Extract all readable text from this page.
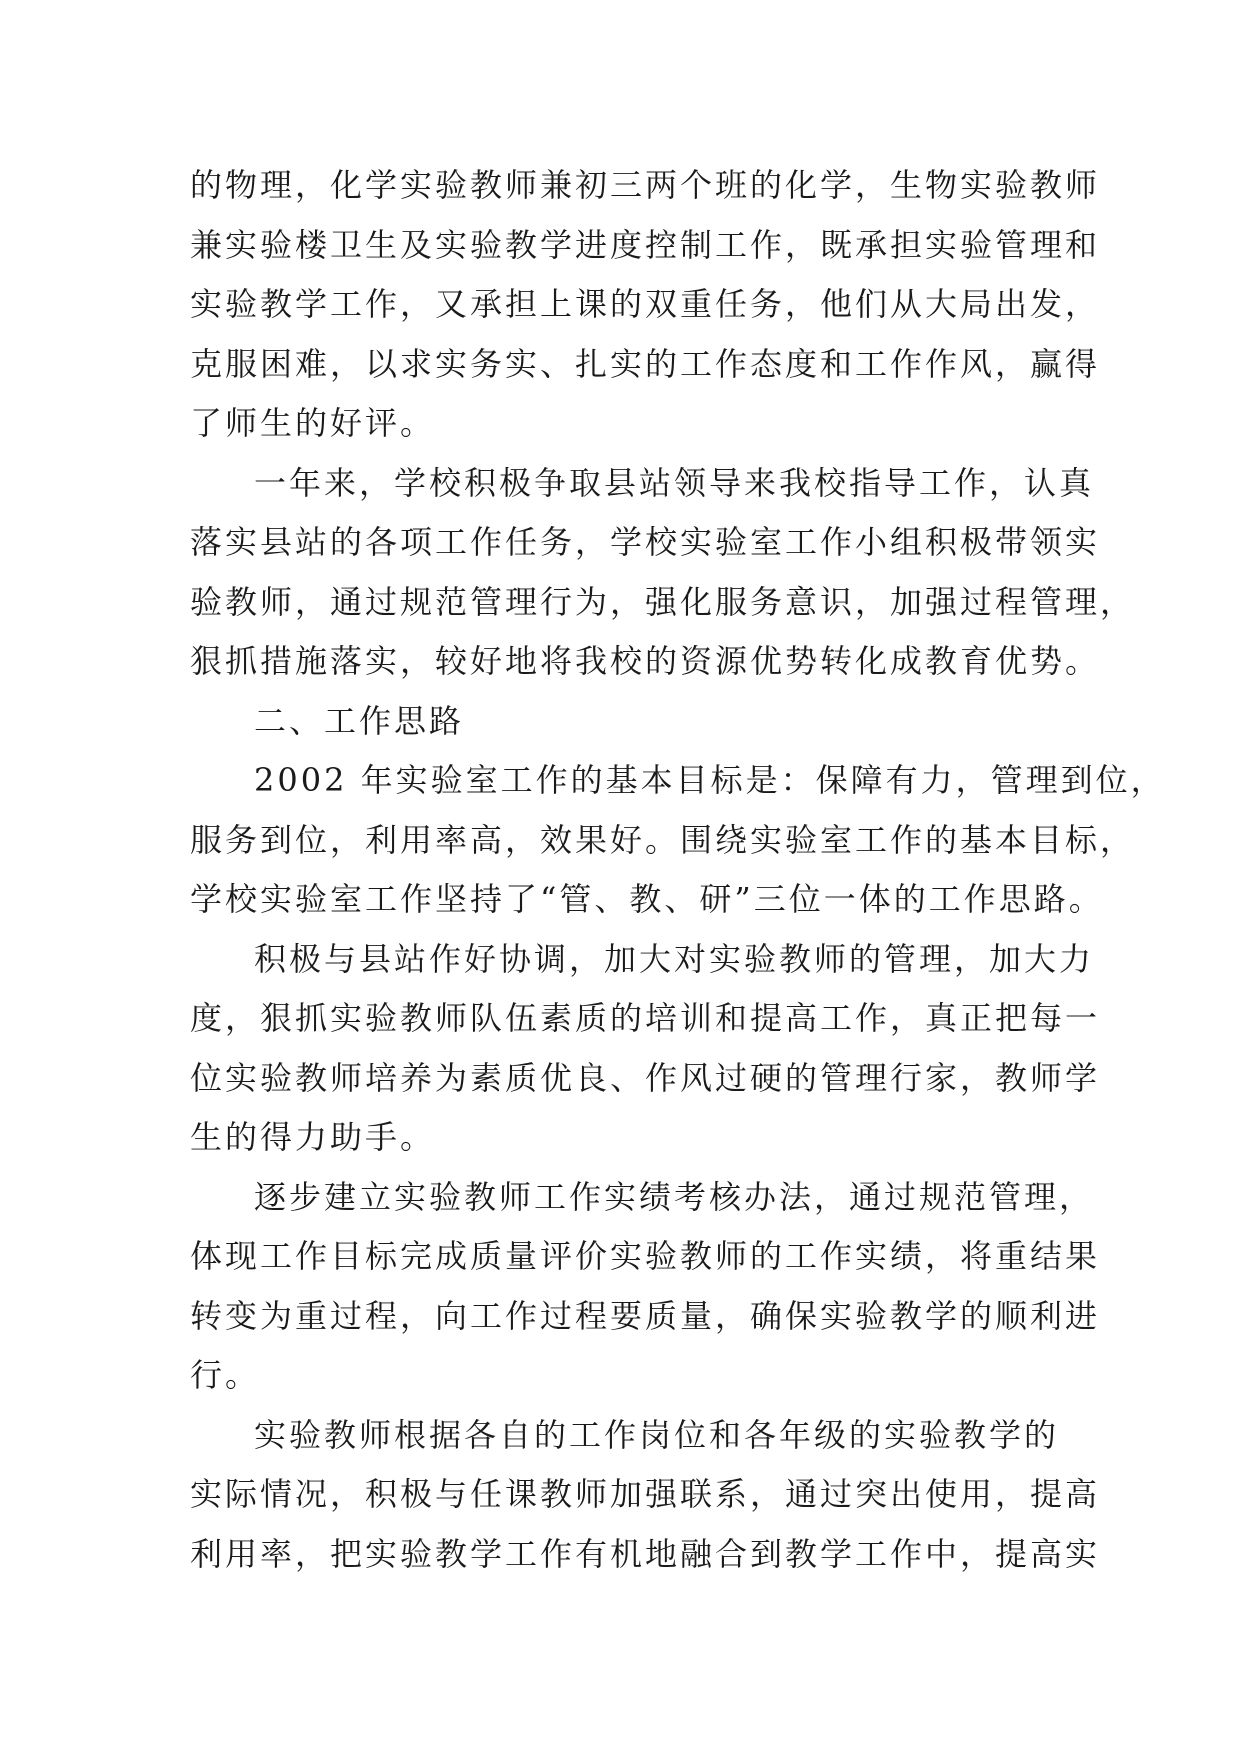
的物理，化学实验教师兼初三两个班的化学，生物实验教师
兼实验楼卫生及实验教学进度控制工作，既承担实验管理和
实验教学工作，又承担上课的双重任务，他们从大局出发，
克服困难，以求实务实、扎实的工作态度和工作作风，赢得
了师生的好评。
一年来，学校积极争取县站领导来我校指导工作，认真
落实县站的各项工作任务，学校实验室工作小组积极带领实
验教师，通过规范管理行为，强化服务意识，加强过程管理，
狠抓措施落实，较好地将我校的资源优势转化成教育优势。
二、工作思路
2002 年实验室工作的基本目标是：保障有力，管理到位，
服务到位，利用率高，效果好。围绕实验室工作的基本目标，
学校实验室工作坚持了“管、教、研”三位一体的工作思路。
积极与县站作好协调，加大对实验教师的管理，加大力
度，狠抓实验教师队伍素质的培训和提高工作，真正把每一
位实验教师培养为素质优良、作风过硬的管理行家，教师学
生的得力助手。
逐步建立实验教师工作实绩考核办法，通过规范管理，
体现工作目标完成质量评价实验教师的工作实绩，将重结果
转变为重过程，向工作过程要质量，确保实验教学的顺利进
行。
实验教师根据各自的工作岗位和各年级的实验教学的
实际情况，积极与任课教师加强联系，通过突出使用，提高
利用率，把实验教学工作有机地融合到教学工作中，提高实
